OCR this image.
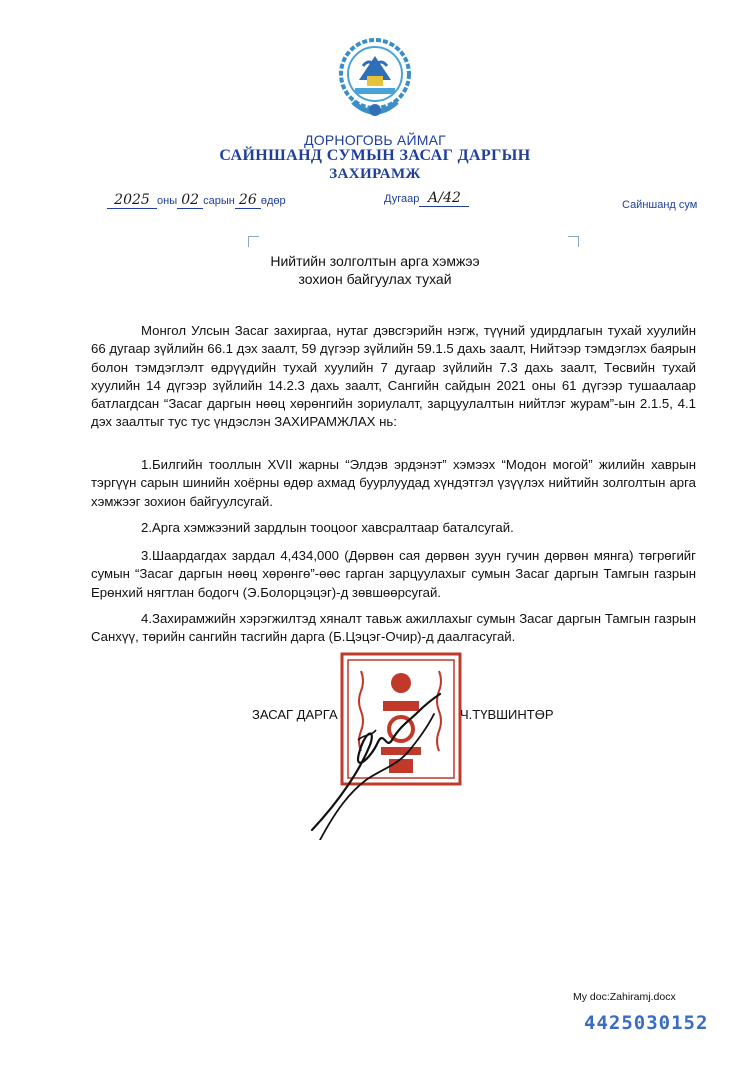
ДОРНОГОВЬ АЙМАГ
САЙНШАНД СУМЫН ЗАСАГ ДАРГЫН
ЗАХИРАМЖ
2025 оны 02 сарын 26 өдөр	Дугаар А/42	Сайншанд сум
Нийтийн золголтын арга хэмжээ
зохион байгуулах тухай

Монгол Улсын Засаг захиргаа, нутаг дэвсгэрийн нэгж, түүний удирдлагын тухай хуулийн 66 дугаар зүйлийн 66.1 дэх заалт, 59 дүгээр зүйлийн 59.1.5 дахь заалт, Нийтээр тэмдэглэх баярын болон тэмдэглэлт өдрүүдийн тухай хуулийн 7 дугаар зүйлийн 7.3 дахь заалт, Төсвийн тухай хуулийн 14 дүгээр зүйлийн 14.2.3 дахь заалт, Сангийн сайдын 2021 оны 61 дүгээр тушаалаар батлагдсан “Засаг даргын нөөц хөрөнгийн зориулалт, зарцуулалтын нийтлэг журам”-ын 2.1.5, 4.1 дэх заалтыг тус тус үндэслэн ЗАХИРАМЖЛАХ нь:

1.Билгийн тооллын XVII жарны “Элдэв эрдэнэт” хэмээх “Модон могой” жилийн хаврын тэргүүн сарын шинийн хоёрны өдөр ахмад буурлуудад хүндэтгэл үзүүлэх нийтийн золголтын арга хэмжээг зохион байгуулсугай.

2.Арга хэмжээний зардлын тооцоог хавсралтаар баталсугай.

3.Шаардагдах зардал 4,434,000 (Дөрвөн сая дөрвөн зуун гучин дөрвөн мянга) төгрөгийг сумын “Засаг даргын нөөц хөрөнгө”-өөс гарган зарцуулахыг сумын Засаг даргын Тамгын газрын Ерөнхий нягтлан бодогч (Э.Болорцэцэг)-д зөвшөөрсугай.

4.Захирамжийн хэрэгжилтэд хяналт тавьж ажиллахыг сумын Засаг даргын Тамгын газрын Санхүү, төрийн сангийн тасгийн дарга (Б.Цэцэг-Очир)-д даалгасугай.

ЗАСАГ ДАРГА	Ч.ТҮВШИНТӨР
My doc:Zahiramj.docx
4425030152
